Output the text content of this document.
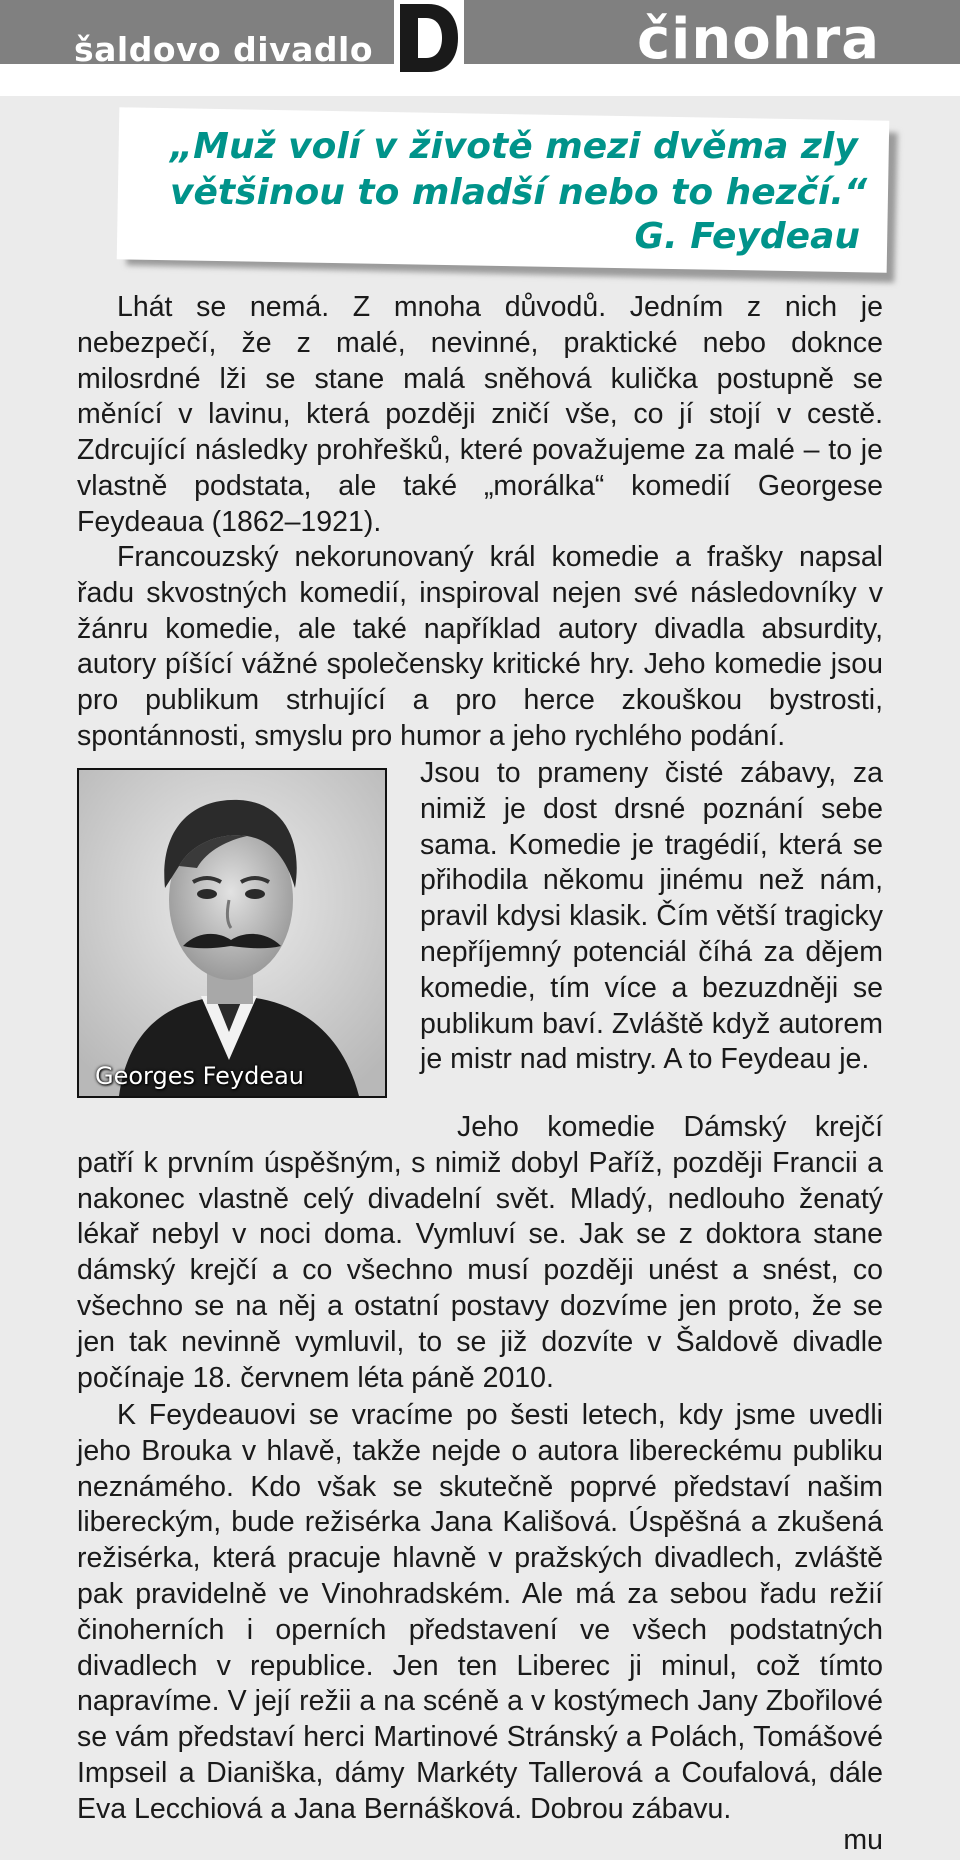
šaldovo divadlo	činohra
„Muž volí v životě mezi dvěma zly většinou to mladší nebo to hezčí.“
G. Feydeau

Lhát se nemá. Z mnoha důvodů. Jedním z nich je nebezpečí, že z malé, nevinné, praktické nebo doknce milosrdné lži se stane malá sněhová kulička postupně se měnící v lavinu, která později zničí vše, co jí stojí v cestě. Zdrcující následky prohřešků, které považujeme za malé – to je vlastně podstata, ale také „morálka“ komedií Georgese Feydeaua (1862–1921).

Francouzský nekorunovaný král komedie a frašky napsal řadu skvostných komedií, inspiroval nejen své následovníky v žánru komedie, ale také například autory divadla absurdity, autory píšící vážné společensky kritické hry. Jeho komedie jsou pro publikum strhující a pro herce zkouškou bystrosti, spontánnosti, smyslu pro humor a jeho rychlého podání.

Georges Feydeau

Jsou to prameny čisté zábavy, za nimiž je dost drsné poznání sebe sama. Komedie je tragédií, která se přihodila někomu jinému než nám, pravil kdysi klasik. Čím větší tragicky nepříjemný potenciál číhá za dějem komedie, tím více a bezuzdněji se publikum baví. Zvláště když autorem je mistr nad mistry. A to Feydeau je.

Jeho komedie Dámský krejčí patří k prvním úspěšným, s nimiž dobyl Paříž, později Francii a nakonec vlastně celý divadelní svět. Mladý, nedlouho ženatý lékař nebyl v noci doma. Vymluví se. Jak se z doktora stane dámský krejčí a co všechno musí později unést a snést, co všechno se na něj a ostatní postavy dozvíme jen proto, že se jen tak nevinně vymluvil, to se již dozvíte v Šaldově divadle počínaje 18. červnem léta páně 2010.

K Feydeauovi se vracíme po šesti letech, kdy jsme uvedli jeho Brouka v hlavě, takže nejde o autora libereckému publiku neznámého. Kdo však se skutečně poprvé představí našim libereckým, bude režisérka Jana Kališová. Úspěšná a zkušená režisérka, která pracuje hlavně v pražských divadlech, zvláště pak pravidelně ve Vinohradském. Ale má za sebou řadu režií činoherních i operních představení ve všech podstatných divadlech v republice. Jen ten Liberec ji minul, což tímto napravíme. V její režii a na scéně a v kostýmech Jany Zbořilové se vám představí herci Martinové Stránský a Polách, Tomášové Impseil a Dianiška, dámy Markéty Tallerová a Coufalová, dále Eva Lecchiová a Jana Bernášková. Dobrou zábavu.

mu
